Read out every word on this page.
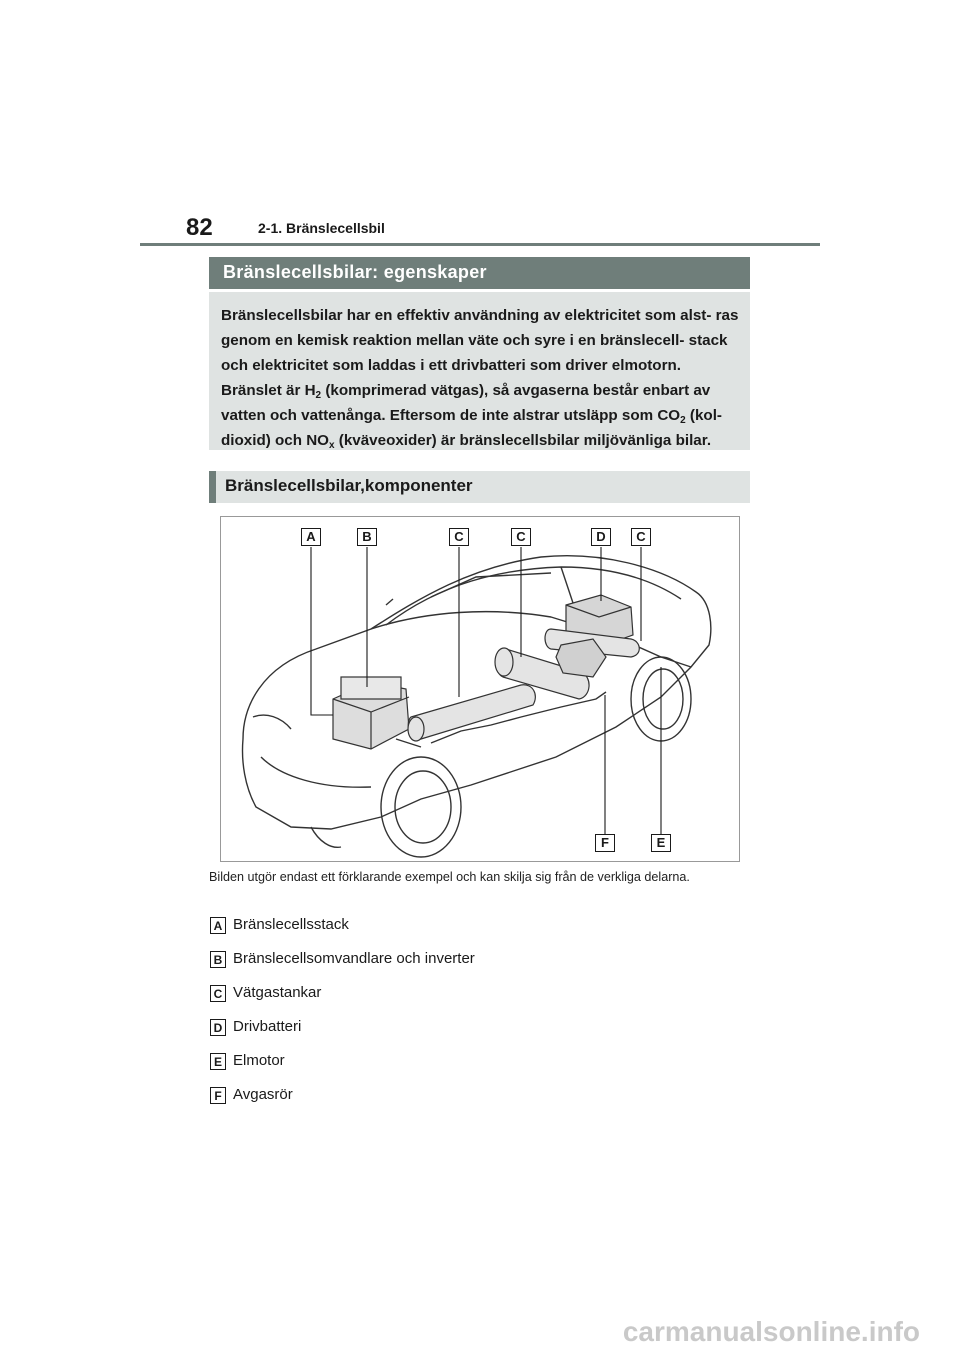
82	2-1. Bränslecellsbil
Bränslecellsbilar: egenskaper

Bränslecellsbilar har en effektiv användning av elektricitet som alst- ras genom en kemisk reaktion mellan väte och syre i en bränslecell- stack och elektricitet som laddas i ett drivbatteri som driver elmotorn.

Bränslet är $H_2$ (komprimerad vätgas), så avgaserna består enbart av vatten och vattenånga. Eftersom de inte alstrar utsläpp som $CO_2$ (kol- dioxid) och $NO_x$ (kväveoxider) är bränslecellsbilar miljövänliga bilar.

Bränslecellsbilar,komponenter
A	B	C	C	D	C
F	E
Bilden utgör endast ett förklarande exempel och kan skilja sig från de verkliga delarna.
A Bränslecellsstack
B Bränslecellsomvandlare och inverter
C Vätgastankar
D Drivbatteri
E Elmotor
F Avgasrör
carmanualsonline.info
